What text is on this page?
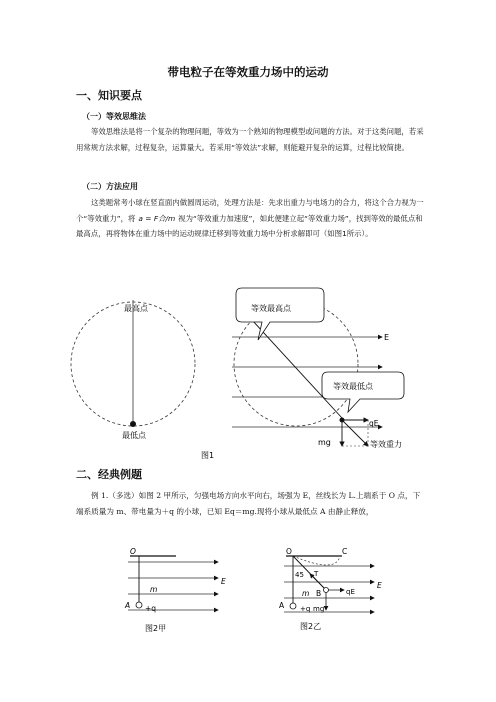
带电粒子在等效重力场中的运动
一、知识要点
（一）等效思维法
等效思维法是将一个复杂的物理问题，等效为一个熟知的物理模型或问题的方法。对于这类问题，若采用常规方法求解，过程复杂，运算量大。若采用“等效法”求解，则能避开复杂的运算，过程比较简捷。
（二）方法应用
这类题常考小球在竖直面内做圆周运动，处理方法是：先求出重力与电场力的合力，将这个合力视为一个“等效重力”，将 a = F合/m 视为“等效重力加速度”，如此便建立起“等效重力场”，找到等效的最低点和最高点，再将物体在重力场中的运动规律迁移到等效重力场中分析求解即可（如图1所示）。
最高点
最低点
E
qE
mg	等效重力
等效最高点
等效最低点
图1
二、经典例题
例 1.（多选）如图 2 甲所示，匀强电场方向水平向右，场强为 E，丝线长为 L.上端系于 O 点，下端系质量为 m、带电量为＋q 的小球，已知 Eq＝mg.现将小球从最低点 A 由静止释放，
O
E
m
A +q
图2甲
O	C
45 T
E
m B	qE
A +q mg
图2乙
